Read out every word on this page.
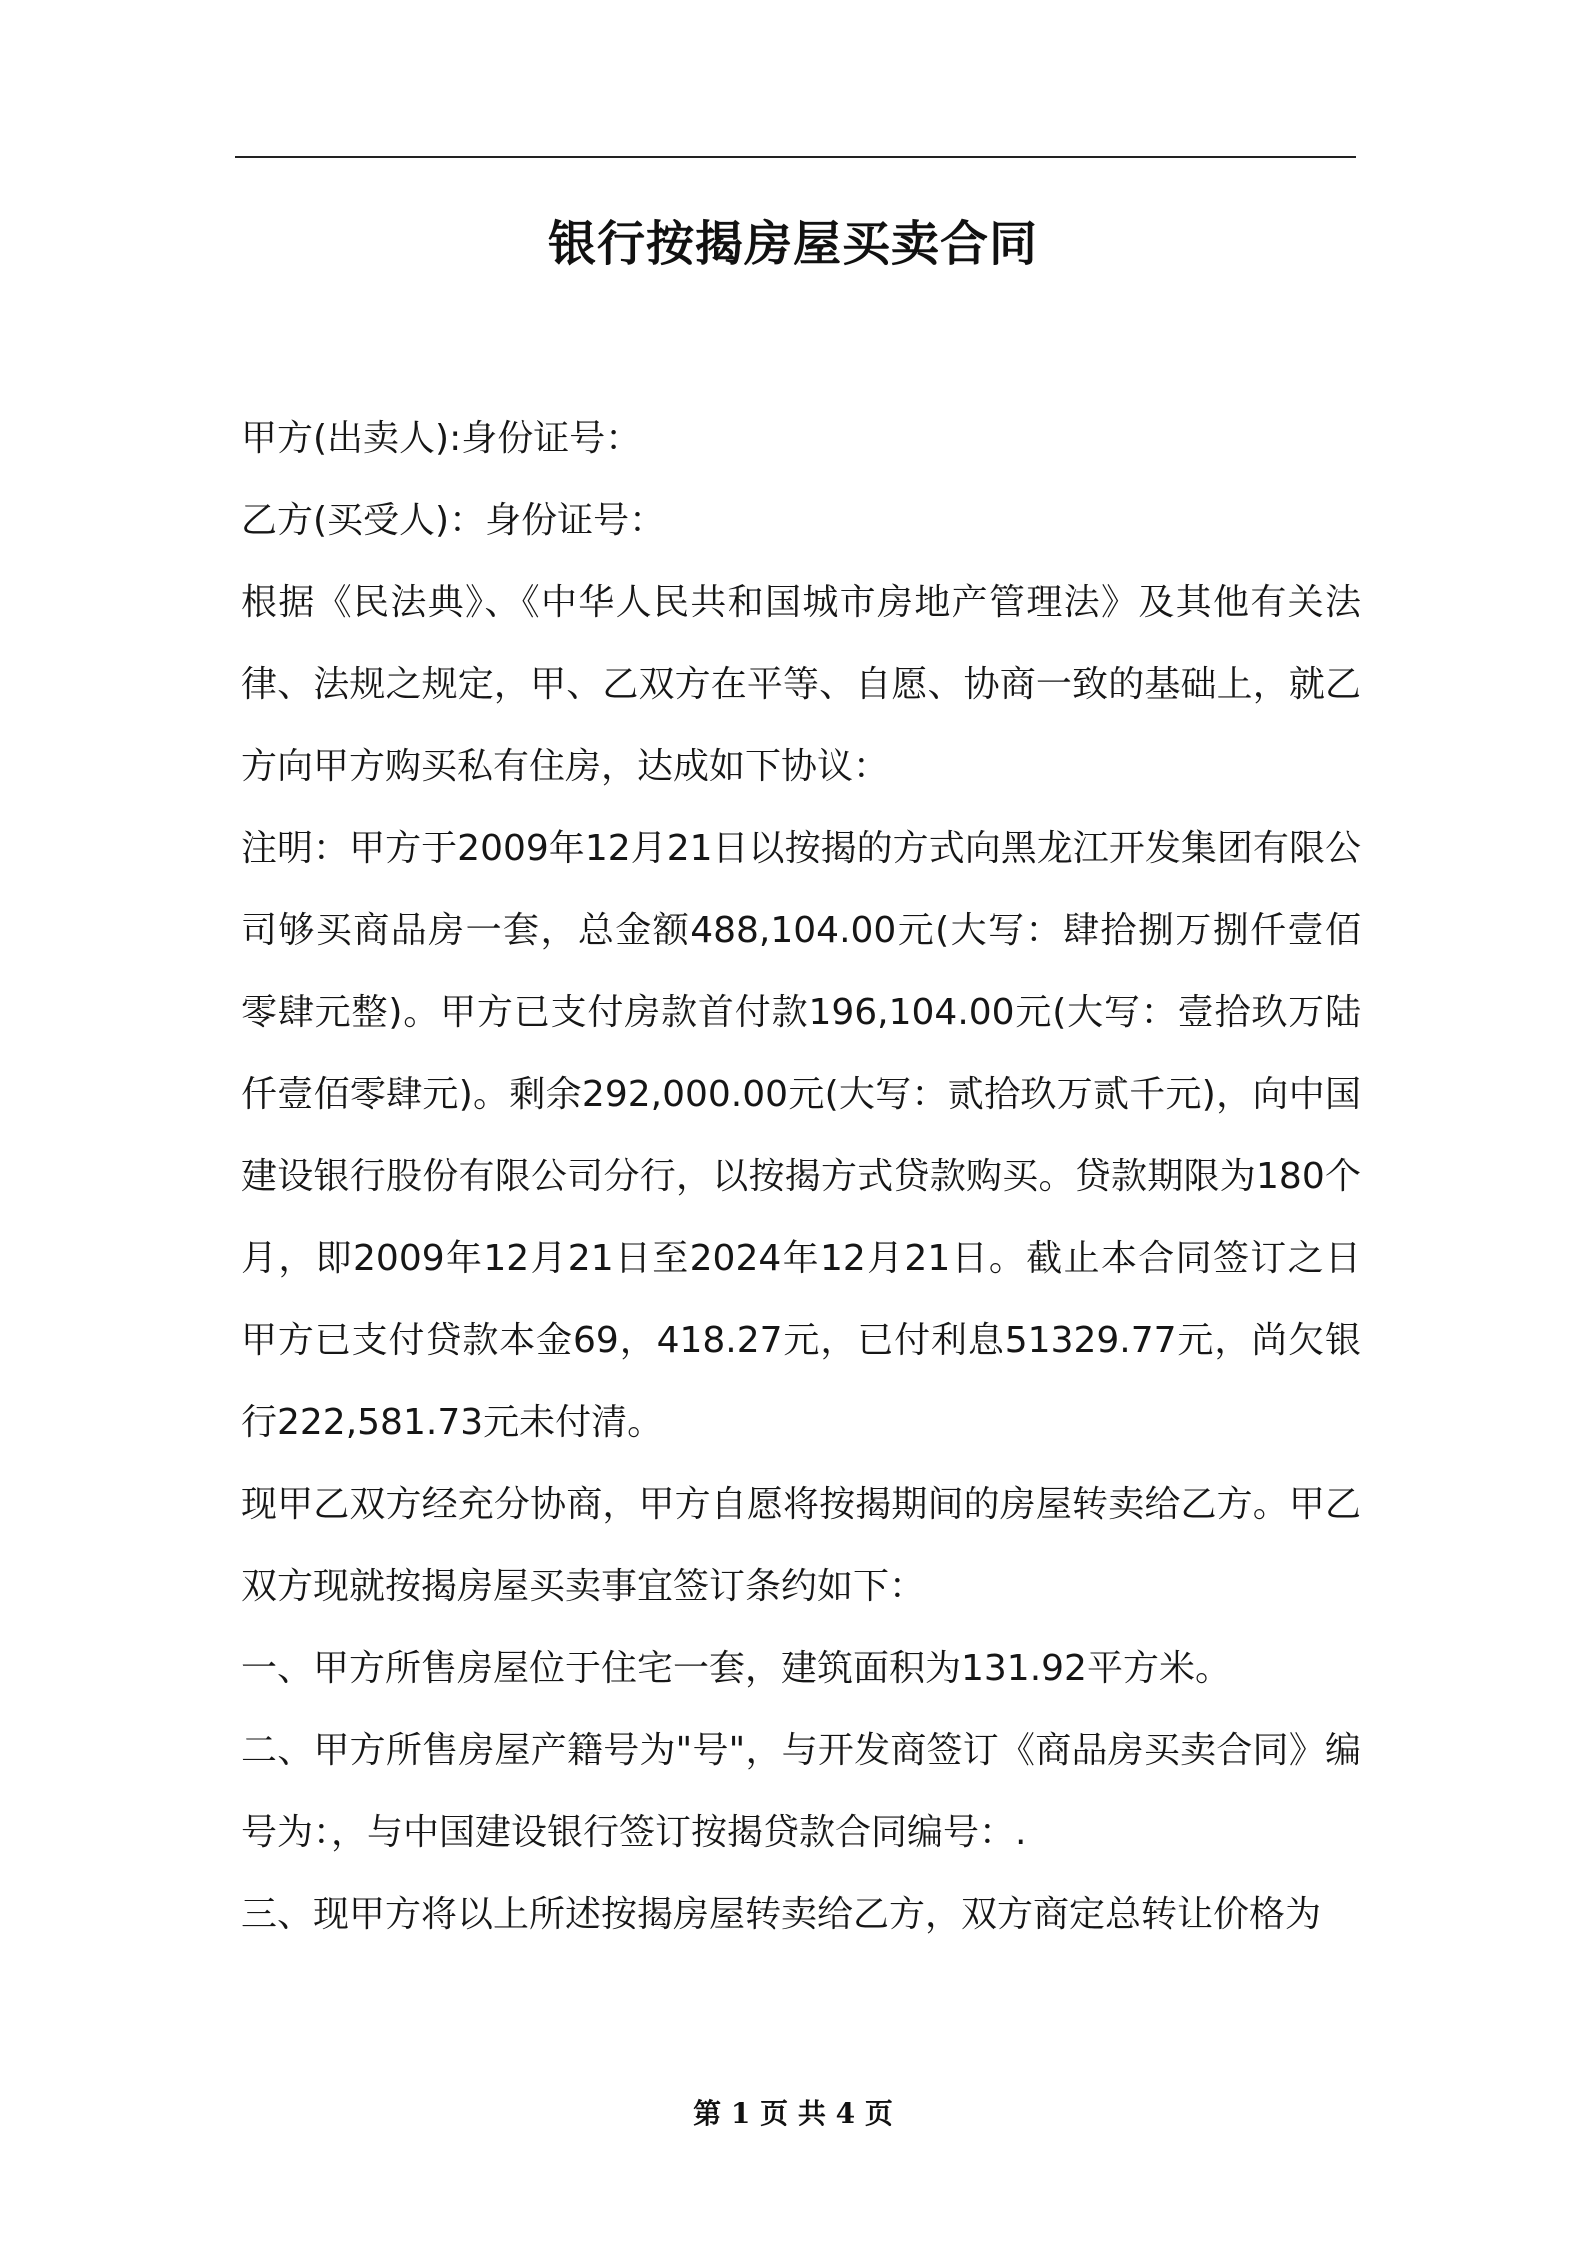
银行按揭房屋买卖合同

甲方(出卖人):身份证号：

乙方(买受人)：身份证号：

根据《民法典》、《中华人民共和国城市房地产管理法》及其他有关法律、法规之规定，甲、乙双方在平等、自愿、协商一致的基础上，就乙方向甲方购买私有住房，达成如下协议：

注明：甲方于2009年12月21日以按揭的方式向黑龙江开发集团有限公司够买商品房一套，总金额488,104.00元(大写：肆拾捌万捌仟壹佰零肆元整)。甲方已支付房款首付款196,104.00元(大写：壹拾玖万陆仟壹佰零肆元)。剩余292,000.00元(大写：贰拾玖万贰千元)，向中国建设银行股份有限公司分行，以按揭方式贷款购买。贷款期限为180个月，即2009年12月21日至2024年12月21日。截止本合同签订之日甲方已支付贷款本金69，418.27元，已付利息51329.77元，尚欠银行222,581.73元未付清。

现甲乙双方经充分协商，甲方自愿将按揭期间的房屋转卖给乙方。甲乙双方现就按揭房屋买卖事宜签订条约如下：

一、甲方所售房屋位于住宅一套，建筑面积为131.92平方米。

二、甲方所售房屋产籍号为"号"，与开发商签订《商品房买卖合同》编号为：，与中国建设银行签订按揭贷款合同编号：.

三、现甲方将以上所述按揭房屋转卖给乙方，双方商定总转让价格为

第 1 页 共 4 页
